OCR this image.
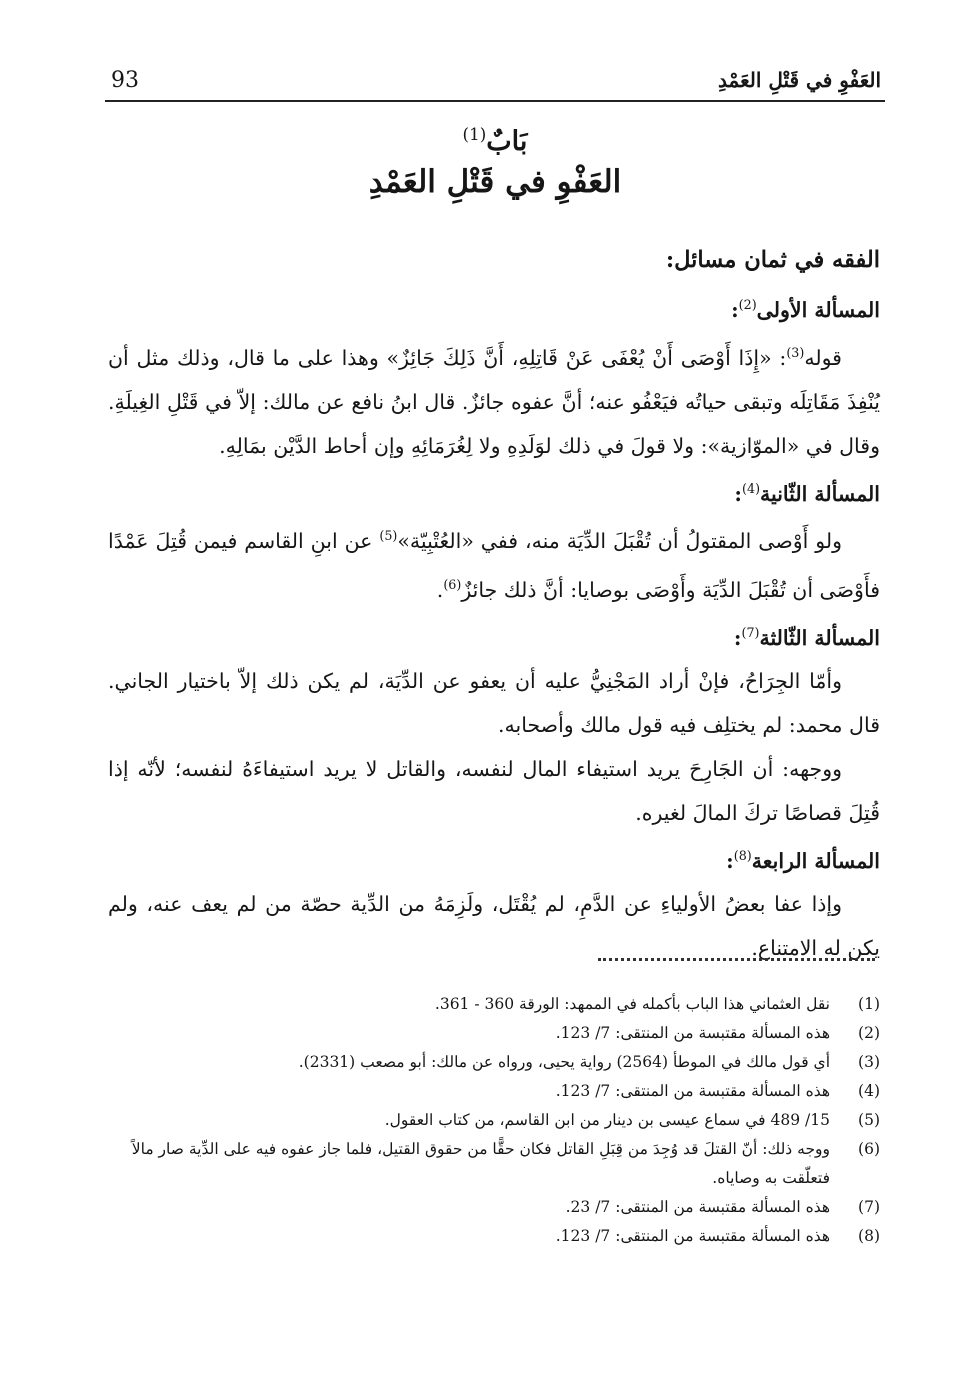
93	العَفْوِ في قَتْلِ العَمْدِ
بَابٌ$^{(1)}$
العَفْوِ في قَتْلِ العَمْدِ
الفقه في ثمان مسائل:
المسألة الأولى$^{(2)}$:

قوله$^{(3)}$: «إِذَا أَوْصَى أَنْ يُعْفَى عَنْ قَاتِلِهِ، أَنَّ ذَلِكَ جَائِزٌ» وهذا على ما قال، وذلك مثل أن يُنْفِذَ مَقَاتِلَه وتبقى حياتُه فيَعْفُو عنه؛ أنَّ عفوه جائزٌ. قال ابنُ نافع عن مالك: إلاّ في قَتْلِ الغِيلَةِ. وقال في «الموّازية»: ولا قولَ في ذلك لوَلَدِهِ ولا لِغُرَمَائِهِ وإن أحاط الدَّيْن بمَالِهِ.

المسألة الثّانية$^{(4)}$:

ولو أَوْصى المقتولُ أن تُقْبَلَ الدِّيَة منه، ففي «العُتْبِيّة»$^{(5)}$ عن ابنِ القاسم فيمن قُتِلَ عَمْدًا فأَوْصَى أن تُقْبَلَ الدِّيَة وأَوْصَى بوصايا: أنَّ ذلك جائزٌ$^{(6)}$.

المسألة الثّالثة$^{(7)}$:

وأمّا الجِرَاحُ، فإنْ أراد المَجْنِيُّ عليه أن يعفو عن الدِّيَة، لم يكن ذلك إلاّ باختيار الجاني. قال محمد: لم يختلِف فيه قول مالك وأصحابه.

ووجهه: أن الجَارِحَ يريد استيفاء المال لنفسه، والقاتل لا يريد استيفاءَهُ لنفسه؛ لأنّه إذا قُتِلَ قصاصًا تركَ المالَ لغيره.

المسألة الرابعة$^{(8)}$:

وإذا عفا بعضُ الأولياءِ عن الدَّمِ، لم يُقْتَل، ولَزِمَهُ من الدِّية حصّة من لم يعف عنه، ولم يكن له الامتناع.

(1)
نقل العثماني هذا الباب بأكمله في الممهد: الورقة 360 - 361.
(2)
هذه المسألة مقتبسة من المنتقى: 7/ 123.
(3)
أي قول مالك في الموطأ (2564) رواية يحيى، ورواه عن مالك: أبو مصعب (2331).
(4)
هذه المسألة مقتبسة من المنتقى: 7/ 123.
(5)
15/ 489 في سماع عيسى بن دينار من ابن القاسم، من كتاب العقول.
(6)
ووجه ذلك: أنّ القتلَ قد وُجِدَ من قِبَلِ القاتل فكان حقًّا من حقوق القتيل، فلما جاز عفوه فيه على الدِّية صار مالاً فتعلّقت به وصاياه.
(7)
هذه المسألة مقتبسة من المنتقى: 7/ 23.
(8)
هذه المسألة مقتبسة من المنتقى: 7/ 123.
